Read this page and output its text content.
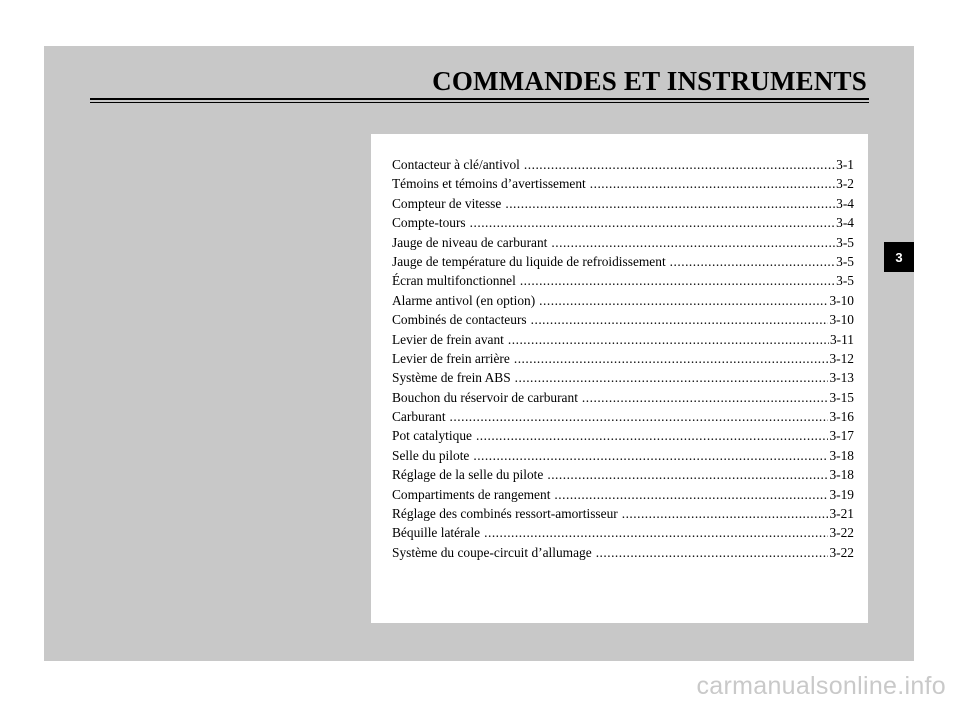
COMMANDES ET INSTRUMENTS
Contacteur à clé/antivol .....	3-1
Témoins et témoins d’avertissement .....	3-2
Compteur de vitesse .....	3-4
Compte-tours .....	3-4
Jauge de niveau de carburant .....	3-5
Jauge de température du liquide de refroidissement .....	3-5
Écran multifonctionnel .....	3-5
Alarme antivol (en option) .....	3-10
Combinés de contacteurs .....	3-10
Levier de frein avant .....	3-11
Levier de frein arrière .....	3-12
Système de frein ABS .....	3-13
Bouchon du réservoir de carburant .....	3-15
Carburant .....	3-16
Pot catalytique .....	3-17
Selle du pilote .....	3-18
Réglage de la selle du pilote .....	3-18
Compartiments de rangement .....	3-19
Réglage des combinés ressort-amortisseur .....	3-21
Béquille latérale .....	3-22
Système du coupe-circuit d’allumage .....	3-22
3
carmanualsonline.info
